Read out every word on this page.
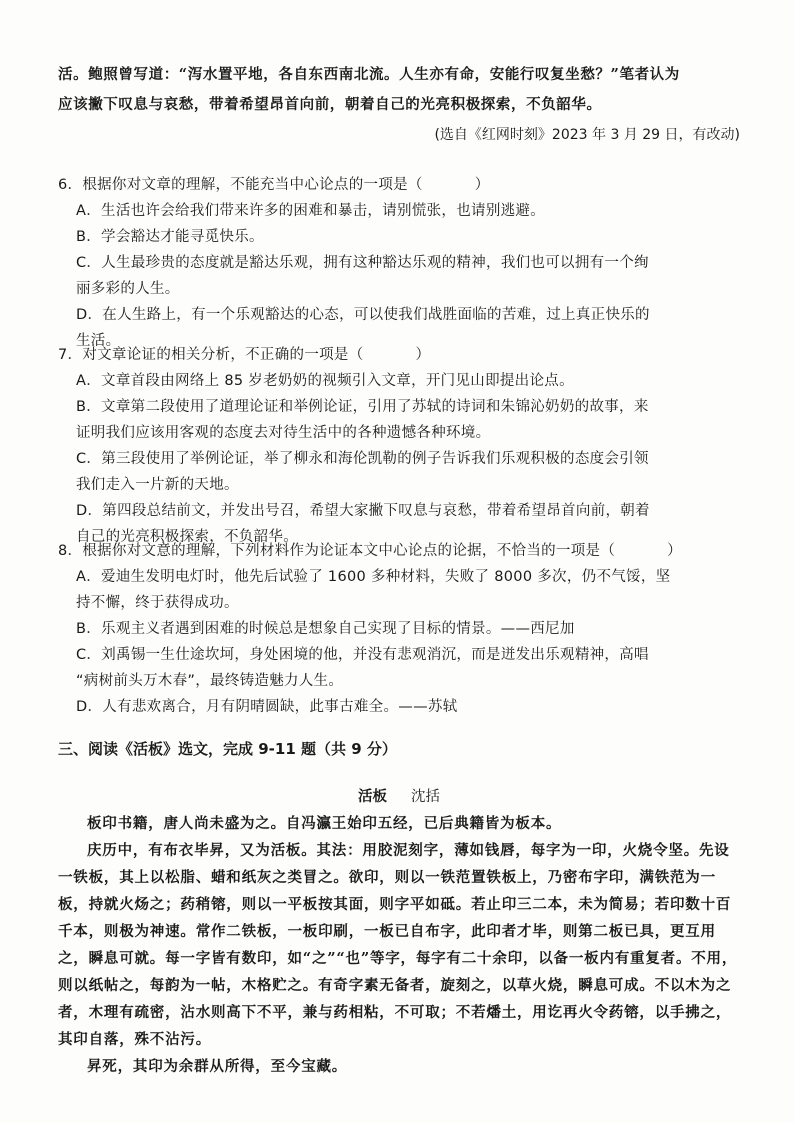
活。鲍照曾写道：“泻水置平地，各自东西南北流。人生亦有命，安能行叹复坐愁？”笔者认为

应该撇下叹息与哀愁，带着希望昂首向前，朝着自己的光亮积极探索，不负韶华。

(选自《红网时刻》2023 年 3 月 29 日，有改动)

6．根据你对文章的理解，不能充当中心论点的一项是（	）

A．生活也许会给我们带来许多的困难和暴击，请别慌张，也请别逃避。

B．学会豁达才能寻觅快乐。

C．人生最珍贵的态度就是豁达乐观，拥有这种豁达乐观的精神，我们也可以拥有一个绚
丽多彩的人生。

D．在人生路上，有一个乐观豁达的心态，可以使我们战胜面临的苦难，过上真正快乐的
生活。

7．对文章论证的相关分析，不正确的一项是（	）

A．文章首段由网络上 85 岁老奶奶的视频引入文章，开门见山即提出论点。

B．文章第二段使用了道理论证和举例论证，引用了苏轼的诗词和朱锦沁奶奶的故事，来
证明我们应该用客观的态度去对待生活中的各种遗憾各种环境。

C．第三段使用了举例论证，举了柳永和海伦凯勒的例子告诉我们乐观积极的态度会引领
我们走入一片新的天地。

D．第四段总结前文，并发出号召，希望大家撇下叹息与哀愁，带着希望昂首向前，朝着
自己的光亮积极探索，不负韶华。

8．根据你对文意的理解，下列材料作为论证本文中心论点的论据，不恰当的一项是（	）

A．爱迪生发明电灯时，他先后试验了 1600 多种材料，失败了 8000 多次，仍不气馁，坚
持不懈，终于获得成功。

B．乐观主义者遇到困难的时候总是想象自己实现了目标的情景。——西尼加

C．刘禹锡一生仕途坎坷，身处困境的他，并没有悲观消沉，而是迸发出乐观精神，高唱
“病树前头万木春”，最终铸造魅力人生。

D．人有悲欢离合，月有阴晴圆缺，此事古难全。——苏轼

三、阅读《活板》选文，完成 9-11 题（共 9 分）

活板 沈括

板印书籍，唐人尚未盛为之。自冯瀛王始印五经，已后典籍皆为板本。

庆历中，有布衣毕昇，又为活板。其法：用胶泥刻字，薄如钱唇，每字为一印，火烧令坚。先设一铁板，其上以松脂、蜡和纸灰之类冒之。欲印，则以一铁范置铁板上，乃密布字印，满铁范为一板，持就火炀之；药稍镕，则以一平板按其面，则字平如砥。若止印三二本，未为简易；若印数十百千本，则极为神速。常作二铁板，一板印刷，一板已自布字，此印者才毕，则第二板已具，更互用之，瞬息可就。每一字皆有数印，如“之”“也”等字，每字有二十余印，以备一板内有重复者。不用，则以纸帖之，每韵为一帖，木格贮之。有奇字素无备者，旋刻之，以草火烧，瞬息可成。不以木为之者，木理有疏密，沾水则高下不平，兼与药相粘，不可取；不若燔土，用讫再火令药镕，以手拂之，其印自落，殊不沾污。

昇死，其印为余群从所得，至今宝藏。
